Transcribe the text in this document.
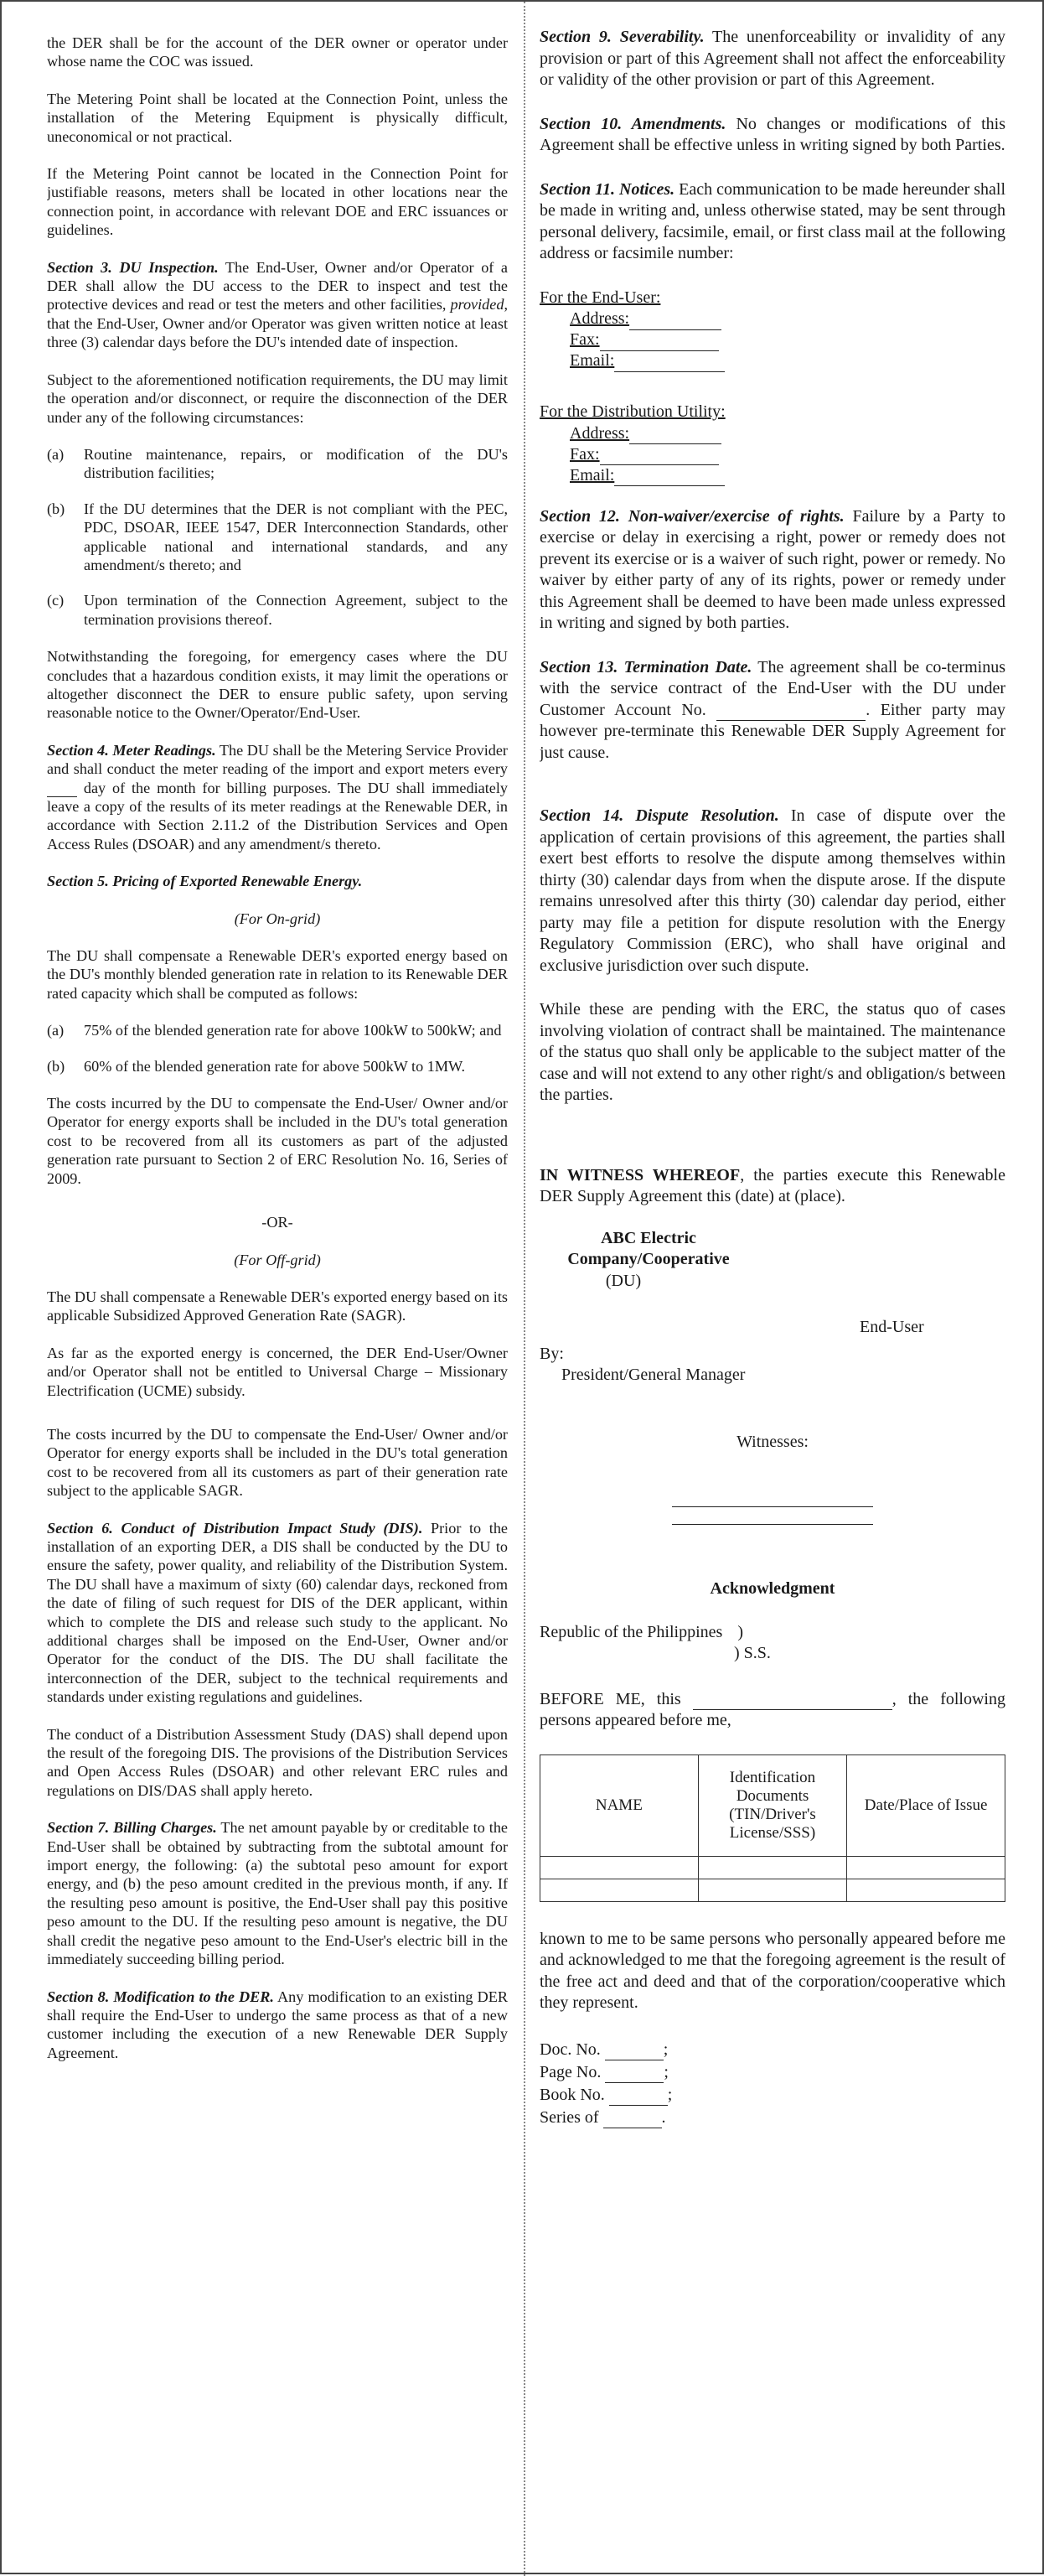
the DER shall be for the account of the DER owner or operator under whose name the COC was issued.

The Metering Point shall be located at the Connection Point, unless the installation of the Metering Equipment is physically difficult, uneconomical or not practical.

If the Metering Point cannot be located in the Connection Point for justifiable reasons, meters shall be located in other locations near the connection point, in accordance with relevant DOE and ERC issuances or guidelines.

Section 3. DU Inspection. The End-User, Owner and/or Operator of a DER shall allow the DU access to the DER to inspect and test the protective devices and read or test the meters and other facilities, provided, that the End-User, Owner and/or Operator was given written notice at least three (3) calendar days before the DU's intended date of inspection.

Subject to the aforementioned notification requirements, the DU may limit the operation and/or disconnect, or require the disconnection of the DER under any of the following circumstances:

(a)	Routine maintenance, repairs, or modification of the DU's distribution facilities;
(b)	If the DU determines that the DER is not compliant with the PEC, PDC, DSOAR, IEEE 1547, DER Interconnection Standards, other applicable national and international standards, and any amendment/s thereto; and
(c)	Upon termination of the Connection Agreement, subject to the termination provisions thereof.

Notwithstanding the foregoing, for emergency cases where the DU concludes that a hazardous condition exists, it may limit the operations or altogether disconnect the DER to ensure public safety, upon serving reasonable notice to the Owner/Operator/End-User.

Section 4. Meter Readings. The DU shall be the Metering Service Provider and shall conduct the meter reading of the import and export meters every  day of the month for billing purposes. The DU shall immediately leave a copy of the results of its meter readings at the Renewable DER, in accordance with Section 2.11.2 of the Distribution Services and Open Access Rules (DSOAR) and any amendment/s thereto.

Section 5. Pricing of Exported Renewable Energy.

(For On-grid)

The DU shall compensate a Renewable DER's exported energy based on the DU's monthly blended generation rate in relation to its Renewable DER rated capacity which shall be computed as follows:

(a)	75% of the blended generation rate for above 100kW to 500kW; and
(b)	60% of the blended generation rate for above 500kW to 1MW.

The costs incurred by the DU to compensate the End-User/ Owner and/or Operator for energy exports shall be included in the DU's total generation cost to be recovered from all its customers as part of the adjusted generation rate pursuant to Section 2 of ERC Resolution No. 16, Series of 2009.

-OR-

(For Off-grid)

The DU shall compensate a Renewable DER's exported energy based on its applicable Subsidized Approved Generation Rate (SAGR).

As far as the exported energy is concerned, the DER End-User/Owner and/or Operator shall not be entitled to Universal Charge – Missionary Electrification (UCME) subsidy.

The costs incurred by the DU to compensate the End-User/ Owner and/or Operator for energy exports shall be included in the DU's total generation cost to be recovered from all its customers as part of their generation rate subject to the applicable SAGR.

Section 6. Conduct of Distribution Impact Study (DIS). Prior to the installation of an exporting DER, a DIS shall be conducted by the DU to ensure the safety, power quality, and reliability of the Distribution System. The DU shall have a maximum of sixty (60) calendar days, reckoned from the date of filing of such request for DIS of the DER applicant, within which to complete the DIS and release such study to the applicant. No additional charges shall be imposed on the End-User, Owner and/or Operator for the conduct of the DIS. The DU shall facilitate the interconnection of the DER, subject to the technical requirements and standards under existing regulations and guidelines.

The conduct of a Distribution Assessment Study (DAS) shall depend upon the result of the foregoing DIS. The provisions of the Distribution Services and Open Access Rules (DSOAR) and other relevant ERC rules and regulations on DIS/DAS shall apply hereto.

Section 7. Billing Charges. The net amount payable by or creditable to the End-User shall be obtained by subtracting from the subtotal amount for import energy, the following: (a) the subtotal peso amount for export energy, and (b) the peso amount credited in the previous month, if any. If the resulting peso amount is positive, the End-User shall pay this positive peso amount to the DU. If the resulting peso amount is negative, the DU shall credit the negative peso amount to the End-User's electric bill in the immediately succeeding billing period.

Section 8. Modification to the DER. Any modification to an existing DER shall require the End-User to undergo the same process as that of a new customer including the execution of a new Renewable DER Supply Agreement.

Section 9. Severability. The unenforceability or invalidity of any provision or part of this Agreement shall not affect the enforceability or validity of the other provision or part of this Agreement.

Section 10. Amendments. No changes or modifications of this Agreement shall be effective unless in writing signed by both Parties.

Section 11. Notices. Each communication to be made hereunder shall be made in writing and, unless otherwise stated, may be sent through personal delivery, facsimile, email, or first class mail at the following address or facsimile number:

For the End-User:
Address:
Fax:
Email:
For the Distribution Utility:
Address:
Fax:
Email:

Section 12. Non-waiver/exercise of rights. Failure by a Party to exercise or delay in exercising a right, power or remedy does not prevent its exercise or is a waiver of such right, power or remedy. No waiver by either party of any of its rights, power or remedy under this Agreement shall be deemed to have been made unless expressed in writing and signed by both parties.

Section 13. Termination Date. The agreement shall be co-terminus with the service contract of the End-User with the DU under Customer Account No.	. Either party may however pre-terminate this Renewable DER Supply Agreement for just cause.

Section 14. Dispute Resolution. In case of dispute over the application of certain provisions of this agreement, the parties shall exert best efforts to resolve the dispute among themselves within thirty (30) calendar days from when the dispute arose. If the dispute remains unresolved after this thirty (30) calendar day period, either party may file a petition for dispute resolution with the Energy Regulatory Commission (ERC), who shall have original and exclusive jurisdiction over such dispute.

While these are pending with the ERC, the status quo of cases involving violation of contract shall be maintained. The maintenance of the status quo shall only be applicable to the subject matter of the case and will not extend to any other right/s and obligation/s between the parties.

IN WITNESS WHEREOF, the parties execute this Renewable DER Supply Agreement this (date) at (place).

ABC Electric
Company/Cooperative
(DU)
End-User
By:
President/General Manager
Witnesses:
Acknowledgment
Republic of the Philippines )
) S.S.

BEFORE ME, this	, the following persons appeared before me,

NAME	Identification Documents (TIN/Driver's License/SSS)	Date/Place of Issue

known to me to be same persons who personally appeared before me and acknowledged to me that the foregoing agreement is the result of the free act and deed and that of the corporation/cooperative which they represent.

Doc. No.	;
Page No.	;
Book No.	;
Series of	.
